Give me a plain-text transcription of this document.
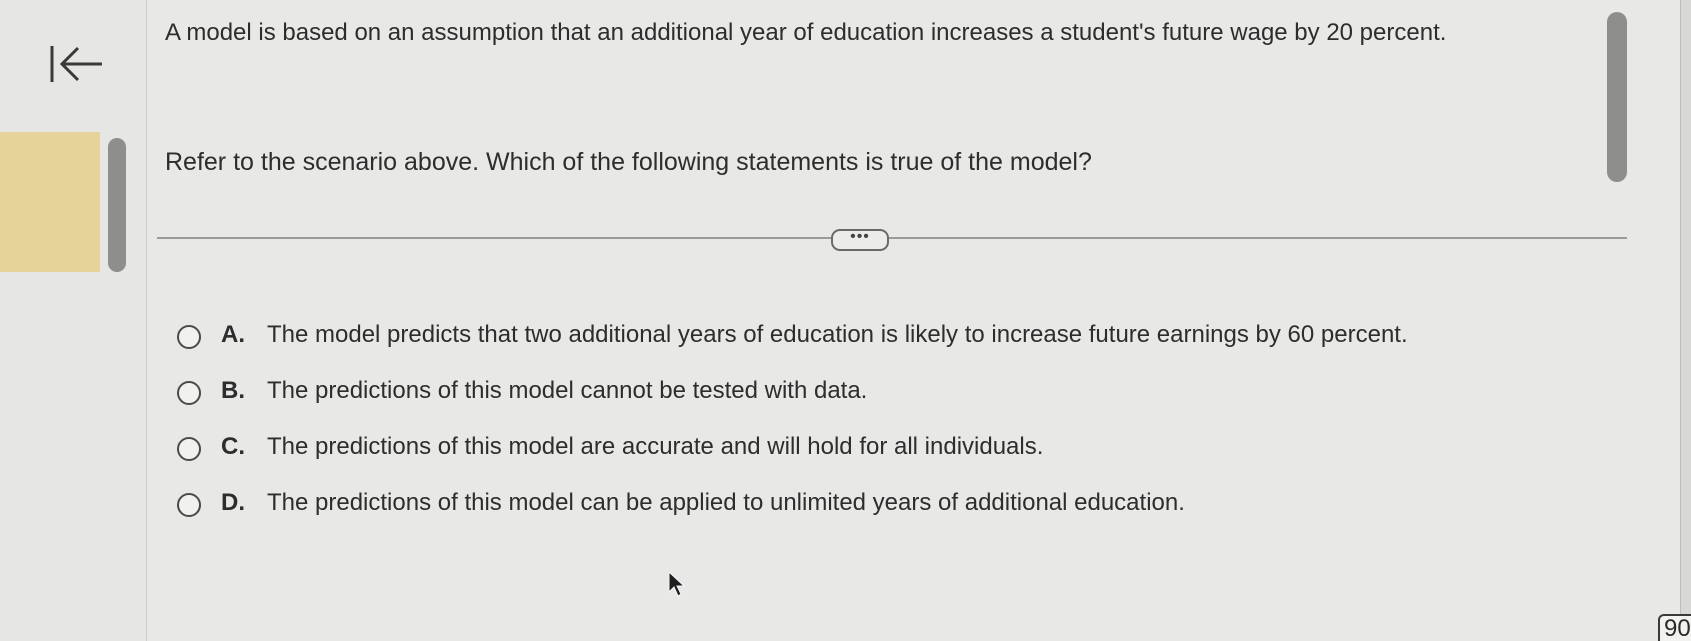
A model is based on an assumption that an additional year of education increases a student's future wage by 20 percent.
Refer to the scenario above. Which of the following statements is true of the model?
•••
A. The model predicts that two additional years of education is likely to increase future earnings by 60 percent.
B. The predictions of this model cannot be tested with data.
C. The predictions of this model are accurate and will hold for all individuals.
D. The predictions of this model can be applied to unlimited years of additional education.
90
